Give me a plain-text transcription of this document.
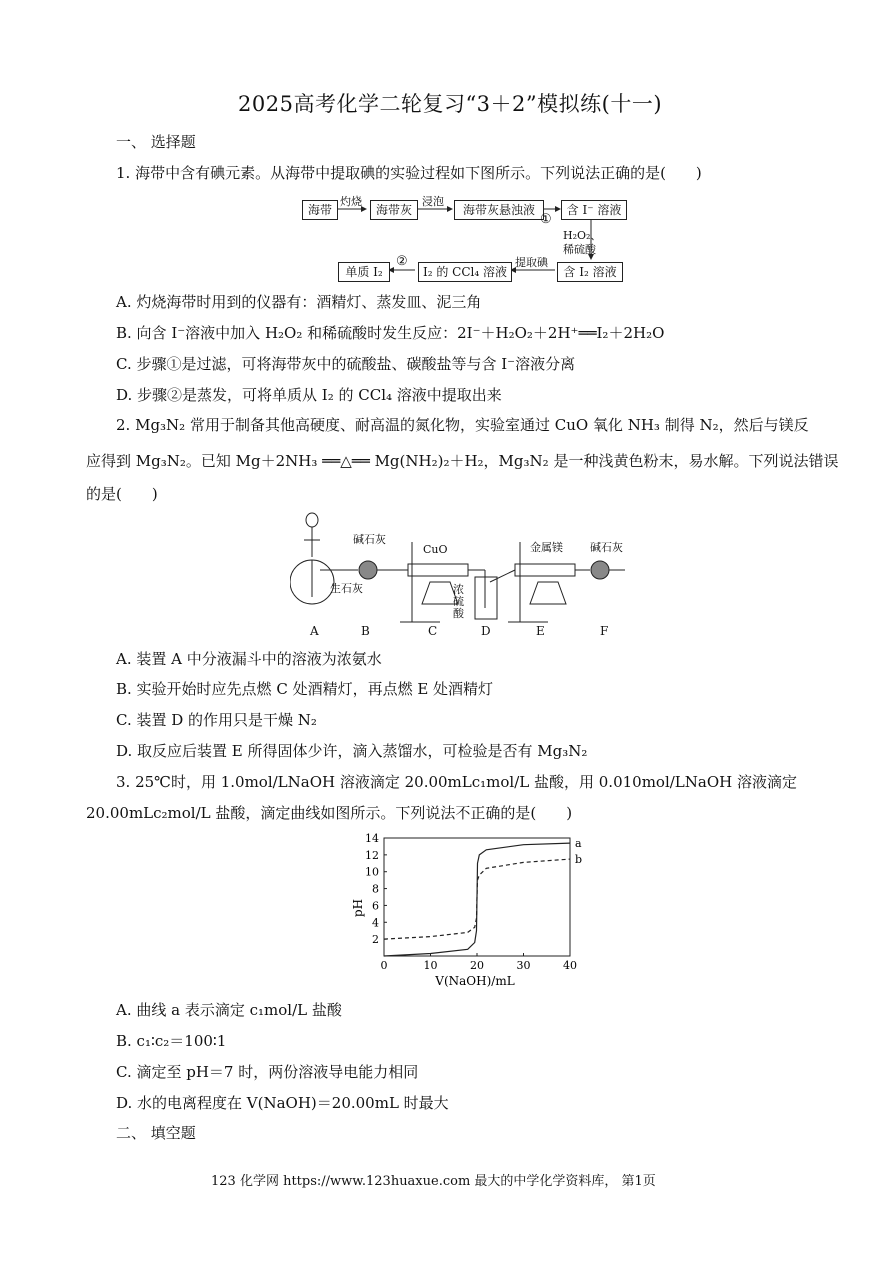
2025高考化学二轮复习“3＋2”模拟练(十一)
一、 选择题
1. 海带中含有碘元素。从海带中提取碘的实验过程如下图所示。下列说法正确的是(　　)
海带	海带灰	海带灰悬浊液	含 I⁻ 溶液
含 I₂ 溶液
I₂ 的 CCl₄ 溶液
单质 I₂
灼烧	浸泡
①
H₂O₂、
稀硫酸
提取碘
②
A. 灼烧海带时用到的仪器有：酒精灯、蒸发皿、泥三角
B. 向含 I⁻溶液中加入 H₂O₂ 和稀硫酸时发生反应：2I⁻＋H₂O₂＋2H⁺══I₂＋2H₂O
C. 步骤①是过滤，可将海带灰中的硫酸盐、碳酸盐等与含 I⁻溶液分离
D. 步骤②是蒸发，可将单质从 I₂ 的 CCl₄ 溶液中提取出来
2. Mg₃N₂ 常用于制备其他高硬度、耐高温的氮化物，实验室通过 CuO 氧化 NH₃ 制得 N₂，然后与镁反
应得到 Mg₃N₂。已知 Mg＋2NH₃ ══△══ Mg(NH₂)₂＋H₂，Mg₃N₂ 是一种浅黄色粉末，易水解。下列说法错误
的是(　　)
生石灰
碱石灰
CuO
浓
硫
酸
金属镁 碱石灰
A	B	C	D	E	F
A. 装置 A 中分液漏斗中的溶液为浓氨水
B. 实验开始时应先点燃 C 处酒精灯，再点燃 E 处酒精灯
C. 装置 D 的作用只是干燥 N₂
D. 取反应后装置 E 所得固体少许，滴入蒸馏水，可检验是否有 Mg₃N₂
3. 25℃时，用 1.0mol/LNaOH 溶液滴定 20.00mLc₁mol/L 盐酸，用 0.010mol/LNaOH 溶液滴定
20.00mLc₂mol/L 盐酸，滴定曲线如图所示。下列说法不正确的是(　　)
0	10	20	30	40
2
4
6
8
10
12
14	a
b
pH
V(NaOH)/mL
A. 曲线 a 表示滴定 c₁mol/L 盐酸
B. c₁∶c₂＝100∶1
C. 滴定至 pH＝7 时，两份溶液导电能力相同
D. 水的电离程度在 V(NaOH)＝20.00mL 时最大
二、 填空题
123 化学网 https://www.123huaxue.com 最大的中学化学资料库， 第1页
